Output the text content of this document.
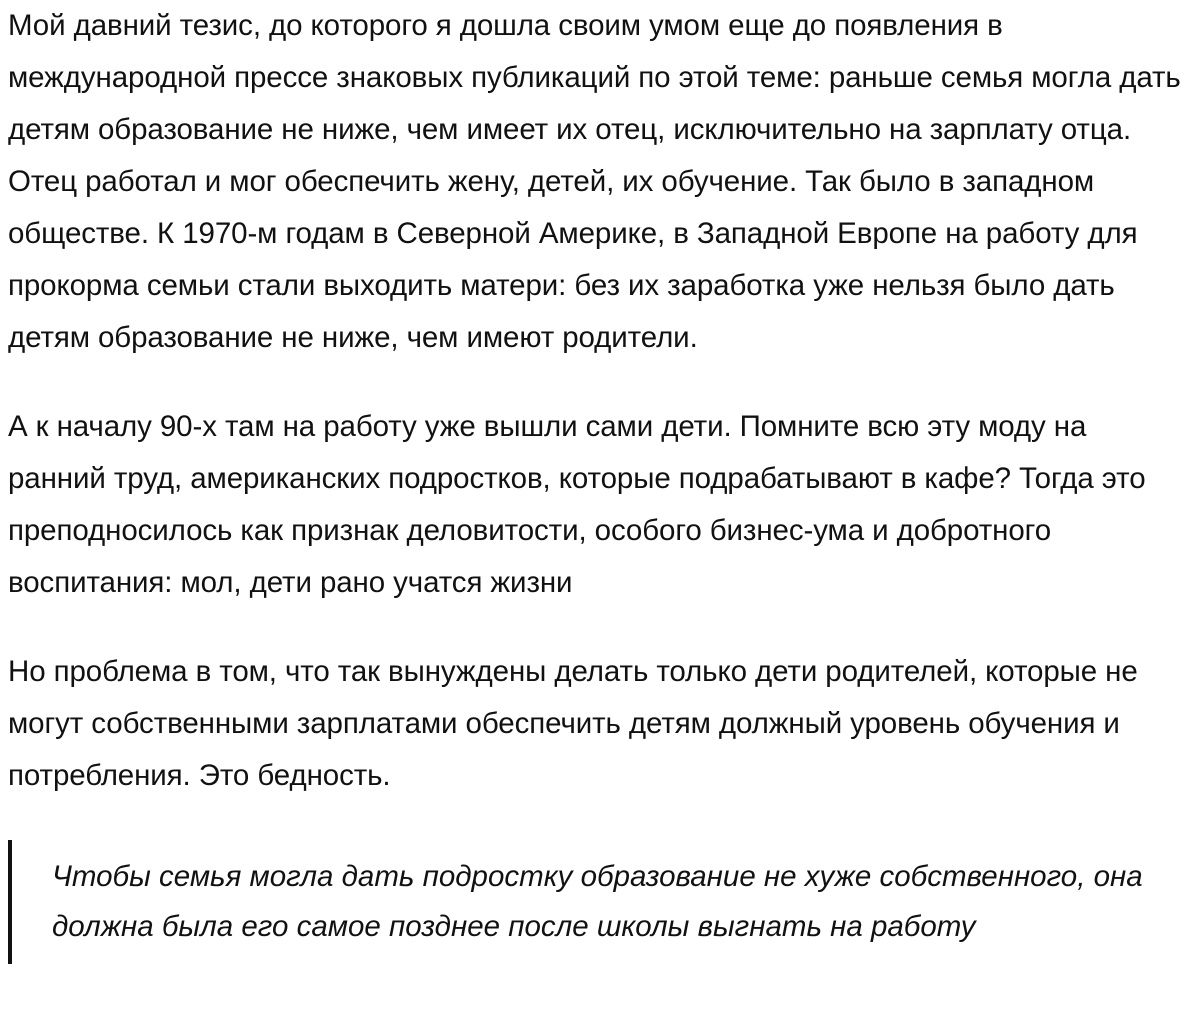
Мой давний тезис, до которого я дошла своим умом еще до появления в международной прессе знаковых публикаций по этой теме: раньше семья могла дать детям образование не ниже, чем имеет их отец, исключительно на зарплату отца. Отец работал и мог обеспечить жену, детей, их обучение. Так было в западном обществе. К 1970-м годам в Северной Америке, в Западной Европе на работу для прокорма семьи стали выходить матери: без их заработка уже нельзя было дать детям образование не ниже, чем имеют родители.

А к началу 90-х там на работу уже вышли сами дети. Помните всю эту моду на ранний труд, американских подростков, которые подрабатывают в кафе? Тогда это преподносилось как признак деловитости, особого бизнес-ума и добротного воспитания: мол, дети рано учатся жизни

Но проблема в том, что так вынуждены делать только дети родителей, которые не могут собственными зарплатами обеспечить детям должный уровень обучения и потребления. Это бедность.

Чтобы семья могла дать подростку образование не хуже собственного, она должна была его самое позднее после школы выгнать на работу
